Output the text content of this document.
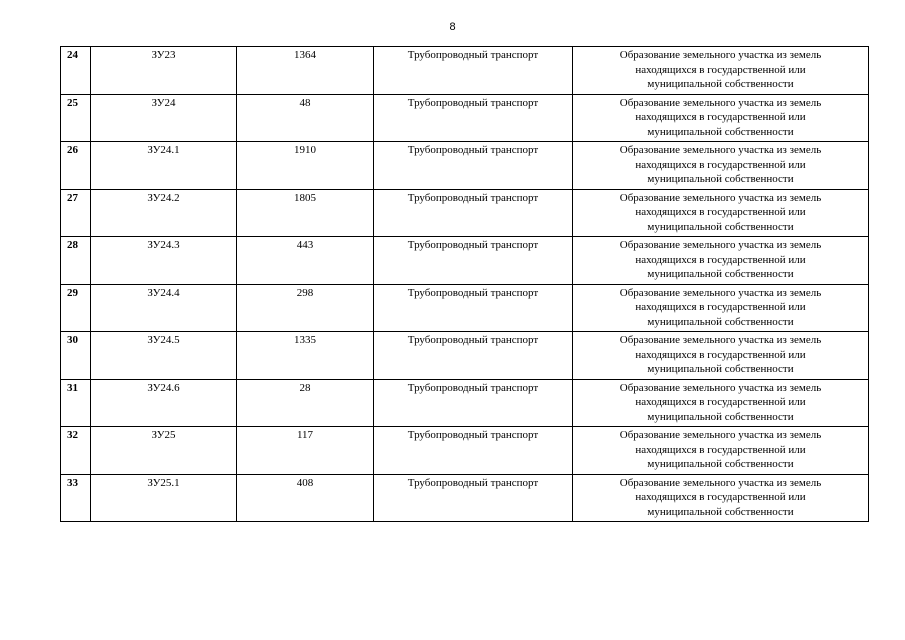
8
24	ЗУ23	1364	Трубопроводный транспорт	Образование земельного участка из земель
находящихся в государственной или
муниципальной собственности

25	ЗУ24	48	Трубопроводный транспорт	Образование земельного участка из земель
находящихся в государственной или
муниципальной собственности

26	ЗУ24.1	1910	Трубопроводный транспорт	Образование земельного участка из земель
находящихся в государственной или
муниципальной собственности

27	ЗУ24.2	1805	Трубопроводный транспорт	Образование земельного участка из земель
находящихся в государственной или
муниципальной собственности

28	ЗУ24.3	443	Трубопроводный транспорт	Образование земельного участка из земель
находящихся в государственной или
муниципальной собственности

29	ЗУ24.4	298	Трубопроводный транспорт	Образование земельного участка из земель
находящихся в государственной или
муниципальной собственности

30	ЗУ24.5	1335	Трубопроводный транспорт	Образование земельного участка из земель
находящихся в государственной или
муниципальной собственности

31	ЗУ24.6	28	Трубопроводный транспорт	Образование земельного участка из земель
находящихся в государственной или
муниципальной собственности

32	ЗУ25	117	Трубопроводный транспорт	Образование земельного участка из земель
находящихся в государственной или
муниципальной собственности

33	ЗУ25.1	408	Трубопроводный транспорт	Образование земельного участка из земель
находящихся в государственной или
муниципальной собственности
